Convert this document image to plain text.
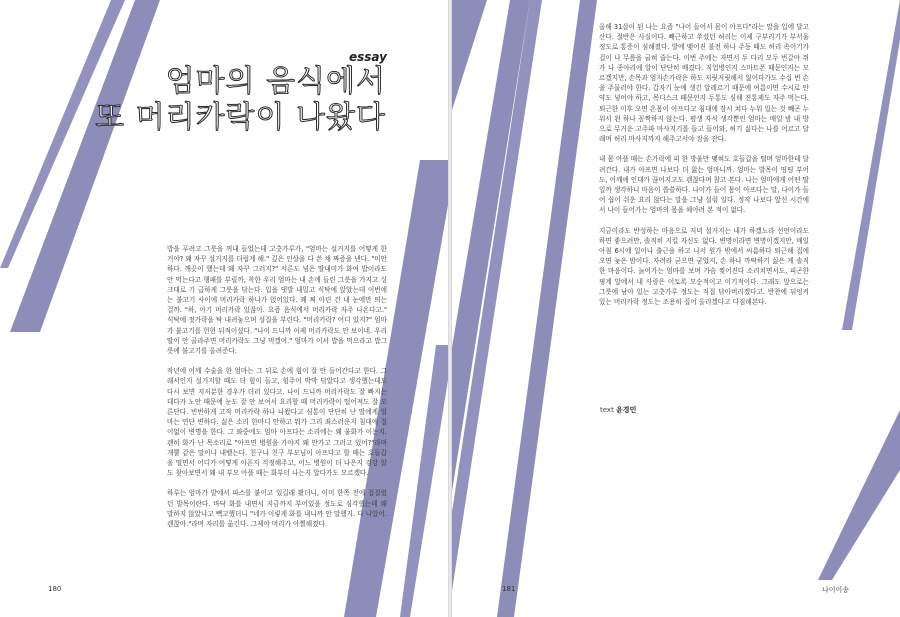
essay
엄마의 음식에서
또 머리카락이 나왔다

밥을 푸려고 그릇을 꺼내 들었는데 고춧가루가, "엄마는 설거지를 어떻게 한 거야? 왜 자꾸 설거지를 더럽게 해." 깊은 인상을 다 쓴 채 짜증을 낸다. "미안하다. 깨끗이 했는데 왜 자꾸 그러지?" 서른도 넘은 딸내미가 화여 밥이라도 안 먹는다고 행패를 부릴까, 착한 우리 엄마는 내 손에 들린 그릇을 가지고 싱크대로 기 급하게 그릇을 닦는다. 입을 댓발 내밀고 식탁에 앉았는데 이번에는 불고기 사이에 머리카락 하나가 얹어있다. 꽤 쩌 아린 건 내 눈에만 띄는 걸까. "하, 아기 머리카락 있잖아. 요즘 음식에서 머리카락 자주 나온다고." 식탁에 젓가락을 탁 내려놓으며 성질을 부린다. "머리카락? 어디 있지?" 엄마가 불고기를 헌헌 뒤적이셨다. "나이 드니까 이제 머리카락도 안 보이네. 우리 딸이 안 골라주면 머리카락도 그냥 먹겠어." 엄마가 이서 밥을 먹으라고 밥그릇에 불고기를 올려준다.

작년에 어깨 수술을 한 엄마는 그 뒤로 손에 힘이 잘 안 들어간다고 한다. 그래서인지 설거지할 때도 더 힘이 들고, 힘주어 박박 닦았다고 생각했는데도 다시 보면 지저분한 경우가 더러 있다고. 나이 드니까 머리카락도 잘 빠지는 데다가 노안 때문에 눈도 잘 안 보여서 요리할 때 머리카락이 떨어져도 잘 모른단다. 빈번하게 고작 머리카락 하나 나왔다고 심통이 단단히 난 딸에게 엄마는 연단 변하다. 싫은 소리 한마디 안하고 뭐가 그리 죄스러운지 침대에 접이없이 변명을 한다. 그 와중에도 엄마 아프다는 소리에는 왜 울화가 이는지. 괜히 화가 난 목소리로 "아프면 병원을 가야지 왜 안가고 그러고 있어?"라며 개뿔 같은 말이나 내뱉는다. 친구나 친구 부모님이 아프다고 할 때는 호들갑을 떨면서 어디가 어떻게 아픈지 걱정해주고, 어느 병원이 더 나은지 검강 알도 찾아보면서 왜 내 부모 아플 때는 화부터 나는지 알다가도 모르겠다.

하루는 엄마가 밭에서 파스를 붙이고 있길래 봤더니, 이미 한쪽 전에 접질렸던 발목이란다. 바닥 화를 내면서 지금까지 부어있을 정도로 심각했는데 왜 말하지 않았냐고 빽고했더니 "네가 이렇게 화를 내니까 안 말했지. 다 나았어. 괜찮아."라며 자리를 옮긴다. 그제야 머리가 아찔해졌다.

180

올해 31살이 된 나는 요즘 "나이 들어서 몸이 아프다"라는 말을 입에 달고 산다. 절반은 사실이다. 빼근하고 쑤셨던 허리는 이제 구부리기가 부서울 정도로 통증이 심해졌다. 발에 맺어진 불전 하나 주둥 때도 허리 속이기가 겁이 나 무릎을 굽혀 줍는다. 이번 주에는 자면서 두 다리 모두 번갈아 쥐가 나 종아리에 알이 단단히 배겼다. 직업병인지 스마트폰 때문인지는 모르겠지만, 손목과 엄지손가락은 하도 저릿저릿해서 잃어다가도 수십 번 손을 주물러야 한다. 갑자기 눈에 생긴 알레르기 때문에 여름이면 수시로 안약도 넣어야 하고, 목디스크 때문인지 두통도 심해 진통제도 자주 먹는다. 퇴근한 이후 오면 온몸이 아프다고 침대에 잠시 쳐다 누워 있는 것 빼곤 누워서 왼 하나 꼼짝하지 않는다. 평생 자식 생각뿐인 엄마는 매일 밤 내 방으로 무거운 고주파 마사지기를 들고 들어와, 허기 싫다는 나를 어르고 달래며 허리 마사지까지 해주고서야 잠을 잔다.

내 몸 아플 때는 손가락에 피 한 방울만 맺혀도 호들갑을 떨며 엄마한테 달려간다. 내가 아프면 나보다 더 앓는 엄마니까. 엄마는 발목이 띵띵 부어도, 어깨에 인대가 끊어지고도 괜찮다며 참고 본다. 나는 엄마에게 어떤 딸일까 생각하니 마음이 씁쓸하다. 나이가 들어 몸이 아프다는 말, 나이가 들어 쉽어 쉬운 요리 않다는 말을 그냥 설렁 일다. 정작 나보다 앞선 시간에서 나이 들어가는 엄마의 몸을 헤아려 본 적이 없다.

지금이라도 반성하는 마음으로 저녁 설거지는 내가 하겠노라 선언이라도 하면 좋으려만, 솔직히 지킬 자신도 없다. 변명이라면 변명이겠지만, 매일 아침 6시에 일어나 출근을 하고 나서 원가 밖에서 씨름하다 퇴근해 집에 오면 늦은 밤이다. 자려라 굳으면 굳었지, 손 하나 까딱하기 싫은 게 솔직한 마음이다. 늙어가는 엄마를 보며 가슴 찢어진다 소리치면서도, 피곤한 핑계 앞에서 내 사랑은 이토록 모순적이고 이기적이다. 그래도 앞으로는 그릇에 남아 있는 고춧가루 정도는 직접 닦아버리겠다고. 반찬에 뒤엉켜 있는 머리카락 정도는 조용히 집어 올리겠다고 다짐해본다.

text 윤경민
181	나이이송
